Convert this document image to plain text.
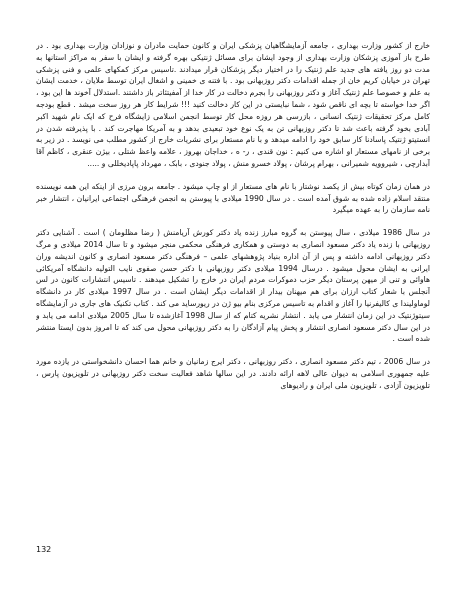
خارج از کشور وزارت بهداری ، جامعه آزمایشگاهیان پزشکی ایران و کانون حمایت مادران و نوزادان وزارت بهداری بود . در طرح باز آموزی پزشکان وزارت بهداری از وجود ایشان برای مسائل ژنتیکی بهره گرفته و ایشان با سفر به مراکز استانها به مدت دو روز یافته های جدید علم ژنتیک را در اختیار دیگر پزشکان قرار میدادند .تاسیس مرکز کمکهای علمی و فنی پزشکی تهران در خیابان کریم خان از جمله اقدامات دکتر روزبهانی بود . با فتنه ی خمینی و اشغال ایران توسط ملایان ، خدمت ایشان به علم و خصوصا علم ژنتیک آغاز و دکتر روزبهانی را بجرم دخالت در کار خدا از آمفیتئاتر باز داشتند .استدلال آخوند ها این بود ، اگر خدا خواسته تا بچه ای ناقص شود ، شما نبایستی در این کار دخالت کنید !!! شرایط کار هر روز سخت میشد . قطع بودجه کامل مرکز تحقیقات ژنتیک انسانی ، بازرسی هر روزه محل کار توسط انجمن اسلامی زایشگاه فرح که ایک نام شهید اکبر آبادی بخود گرفته باعث شد تا دکتر روزبهانی تن به یک نوع خود تبعیدی بدهد و به آمریکا مهاجرت کند . با پذیرفته شدن در انستیتو ژنتیک پاسادنا کار سابق خود را ادامه میدهد و با نام مستعار برای نشریات خارج از کشور مطلب می نویسد . در زیر به برخی از نامهای مستعار او اشاره می کنیم : نون قندی ، ر- ه ، خداجان بهروز ، علامه واعظ شتلی ، بیژن عنقری ، کاظم آقا آبدارچی ، شیروویه شمیرانی ، بهرام پرشان ، پولاد خسرو منش ، پولاد جنودی ، بابک ، مهرداد پاپادیخللی و .....

در همان زمان کوتاه بیش از یکصد نوشتار با نام های مستعار از او چاپ میشود . جامعه برون مرزی از اینکه این همه نویسنده منتقد اسلام زاده شده به شوق آمده است . در سال 1990 میلادی با پیوستن به انجمن فرهنگی اجتماعی ایرانیان ، انتشار خبر نامه سازمان را به عهده میگیرد

در سال 1986 میلادی ، سال پیوستن به گروه مبارز زنده یاد دکتر کورش آریامنش ( رضا مظلومان ) است . آشنایی دکتر روزبهانی با زنده یاد دکتر مسعود انصاری به دوستی و همکاری فرهنگی محکمی منجر میشود و تا سال 2014 میلادی و مرگ دکتر روزبهانی ادامه داشته و پس از آن اداره بنیاد پژوهشهای علمی – فرهنگی دکتر مسعود انصاری و کانون اندیشه وران ایرانی به ایشان محول میشود . درسال 1994 میلادی دکتر روزبهانی با دکتر حسن صفوی نایب التولیه دانشگاه آمریکائی هاوائی و تنی از میهن پرستان دیگر حزب دموکرات مردم ایران در خارج را تشکیل میدهند . تاسیس انتشارات کانون در لس آنجلس با شعار کتاب ارزان برای هم میهنان بیدار از اقدامات دیگر ایشان است . در سال 1997 میلادی کار در دانشگاه لوماولیندا ی کالیفرنیا را آغاز و اقدام به تاسیس مرکزی بنام بیو ژن در ریورساید می کند . کتاب تکنیک های جاری در آزمایشگاه سیتوژنتیک در این زمان انتشار می یابد . انتشار نشریه کتام که از سال 1998 آغازشده تا سال 2005 میلادی ادامه می یابد و در این سال دکتر مسعود انصاری انتشار و پخش پیام آزادگان را به دکتر روزبهانی محول می کند که تا امروز بدون ایستا منتشر شده است .

در سال 2006 ، تیم دکتر مسعود انصاری ، دکتر روزبهانی ، دکتر ایرج زمانیان و خانم هما احسان دانشخواستی در یازده مورد علیه جمهوری اسلامی به دیوان عالی لاهه ارائه دادند. در این سالها شاهد فعالیت سخت دکتر روزبهانی در تلویزیون پارس ، تلویزیون آزادی ، تلویزیون ملی ایران و رادیوهای

132
